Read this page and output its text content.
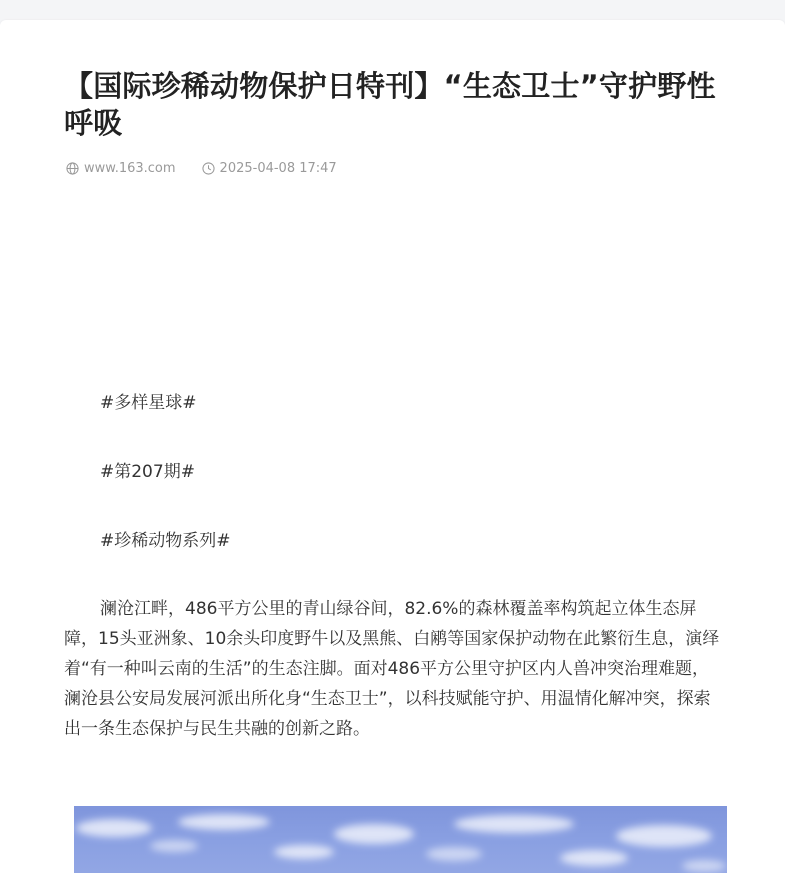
【国际珍稀动物保护日特刊】“生态卫士”守护野性呼吸
www.163.com	2025-04-08 17:47

#多样星球#

#第207期#

#珍稀动物系列#

澜沧江畔，486平方公里的青山绿谷间，82.6%的森林覆盖率构筑起立体生态屏障，15头亚洲象、10余头印度野牛以及黑熊、白鹇等国家保护动物在此繁衍生息，演绎着“有一种叫云南的生活”的生态注脚。面对486平方公里守护区内人兽冲突治理难题，澜沧县公安局发展河派出所化身“生态卫士”，以科技赋能守护、用温情化解冲突，探索出一条生态保护与民生共融的创新之路。
